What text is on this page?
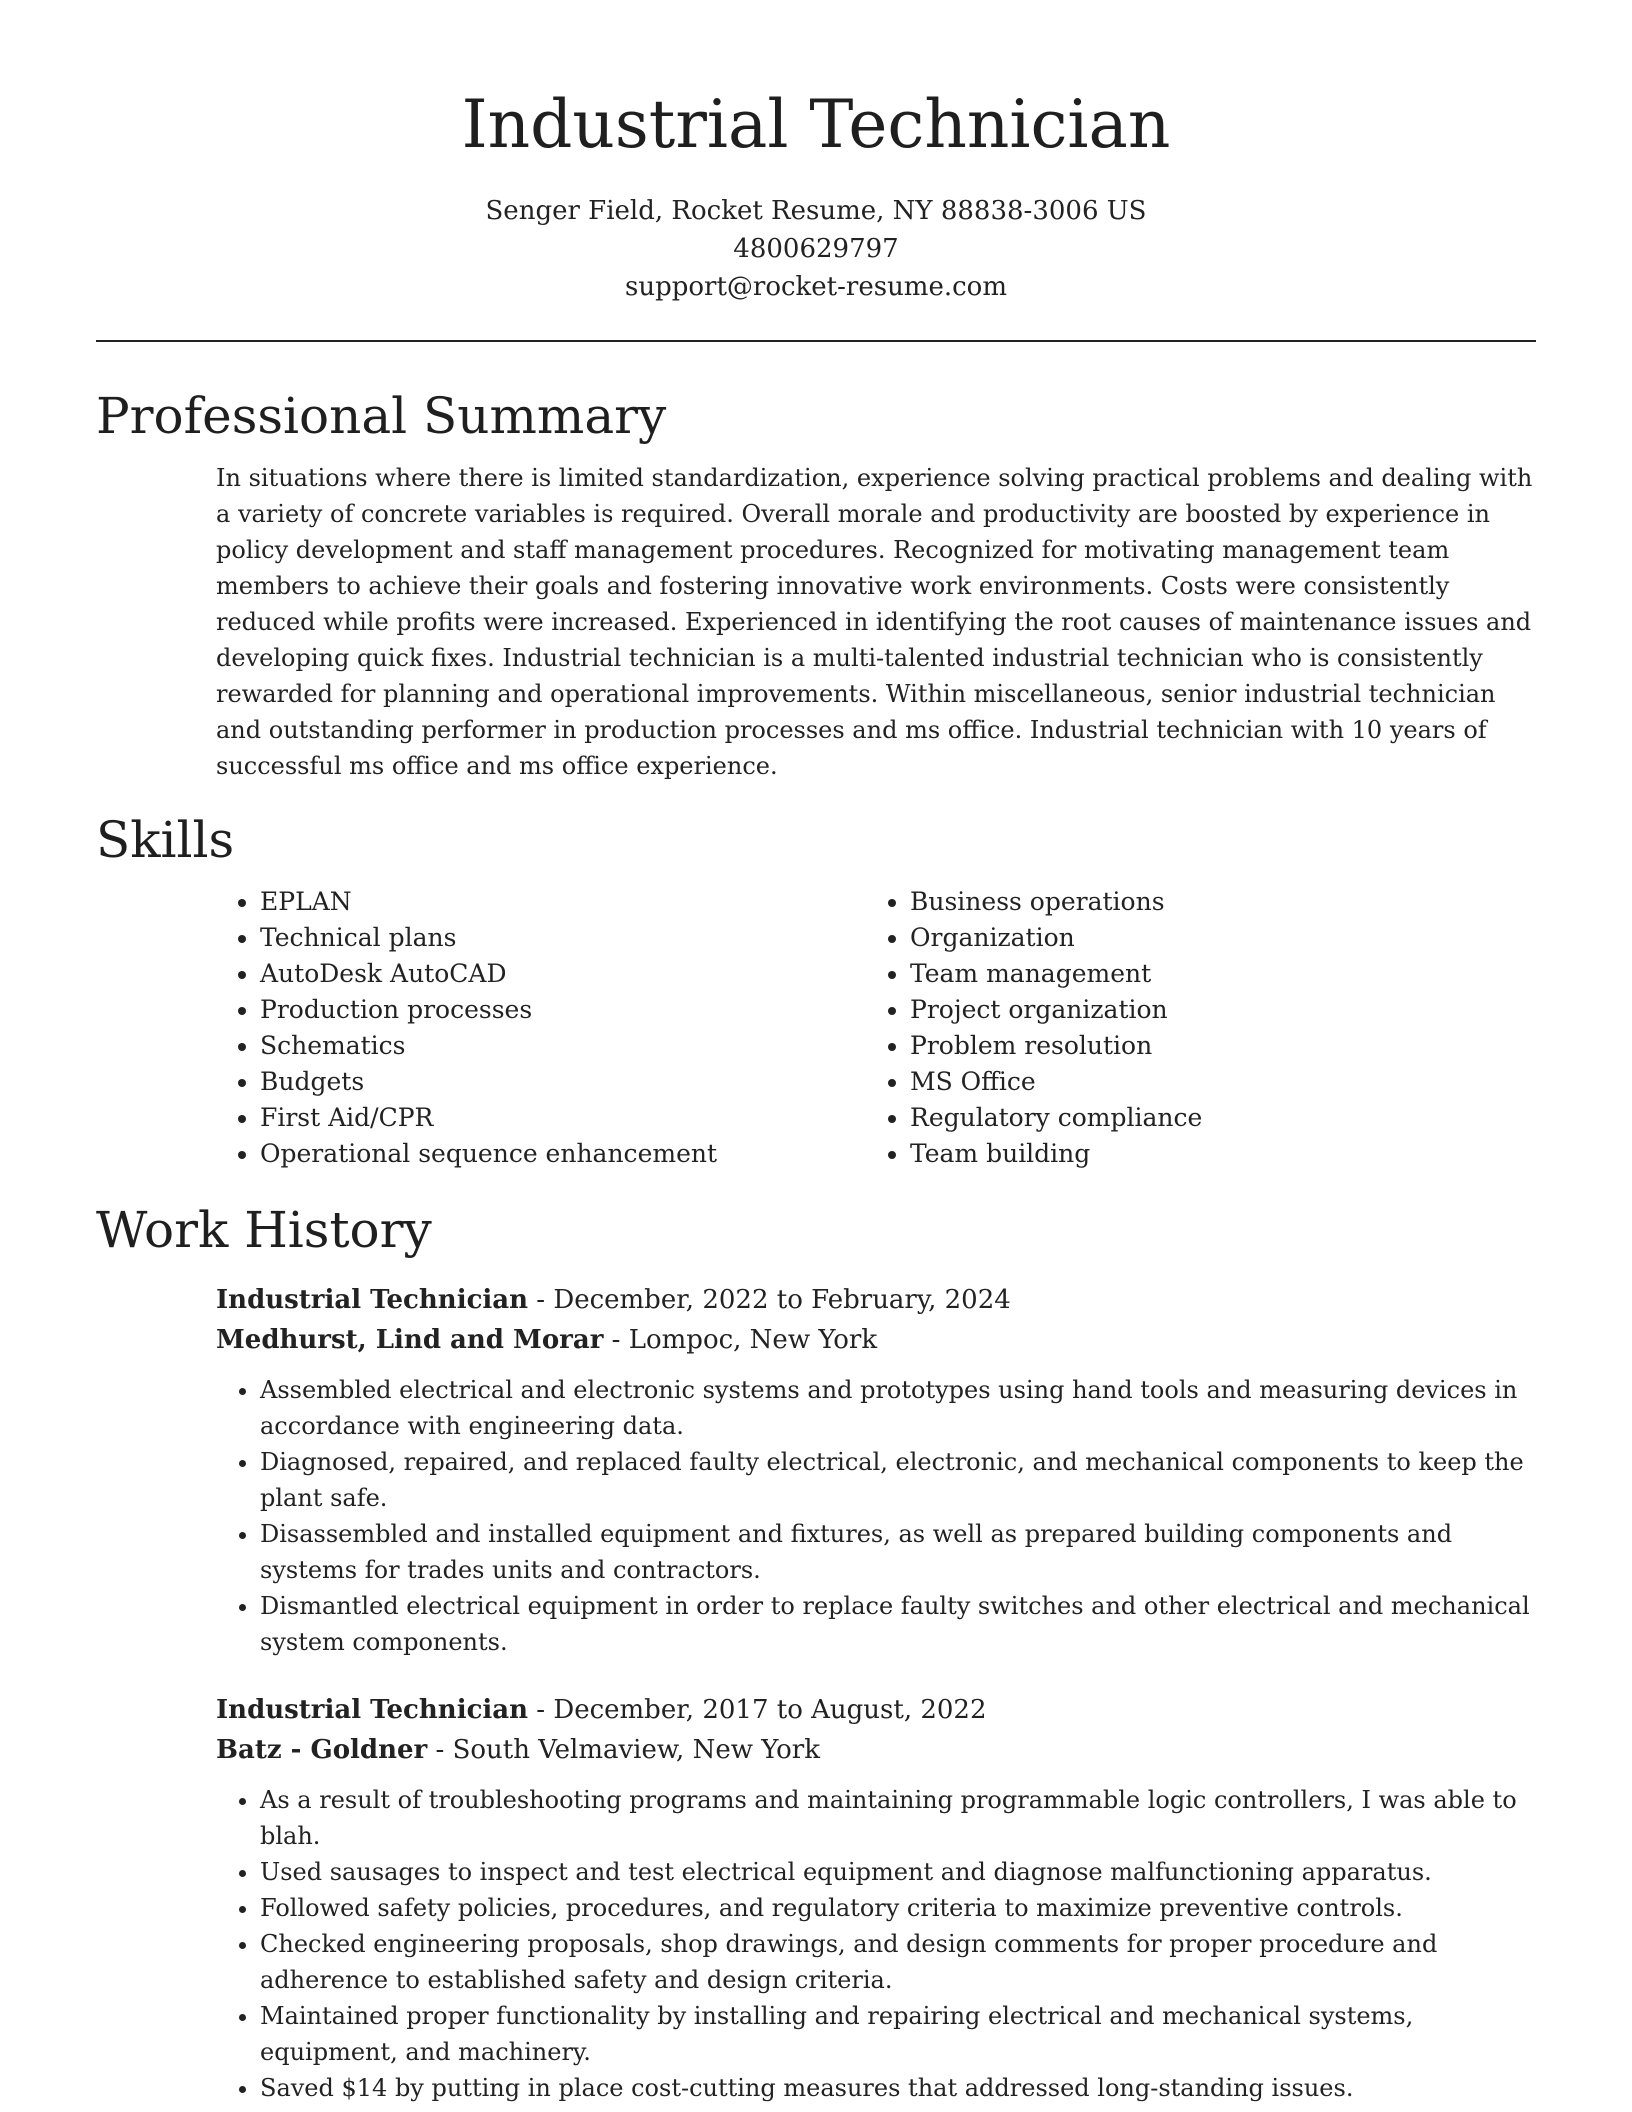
Industrial Technician
Senger Field, Rocket Resume, NY 88838-3006 US
4800629797
support@rocket-resume.com
Professional Summary
In situations where there is limited standardization, experience solving practical problems and dealing with a variety of concrete variables is required. Overall morale and productivity are boosted by experience in policy development and staff management procedures. Recognized for motivating management team members to achieve their goals and fostering innovative work environments. Costs were consistently reduced while profits were increased. Experienced in identifying the root causes of maintenance issues and developing quick fixes. Industrial technician is a multi-talented industrial technician who is consistently rewarded for planning and operational improvements. Within miscellaneous, senior industrial technician and outstanding performer in production processes and ms office. Industrial technician with 10 years of successful ms office and ms office experience.
Skills
• EPLAN
• Technical plans
• AutoDesk AutoCAD
• Production processes
• Schematics
• Budgets
• First Aid/CPR
• Operational sequence enhancement
• Business operations
• Organization
• Team management
• Project organization
• Problem resolution
• MS Office
• Regulatory compliance
• Team building
Work History
Industrial Technician - December, 2022 to February, 2024
Medhurst, Lind and Morar - Lompoc, New York
• Assembled electrical and electronic systems and prototypes using hand tools and measuring devices in accordance with engineering data.
• Diagnosed, repaired, and replaced faulty electrical, electronic, and mechanical components to keep the plant safe.
• Disassembled and installed equipment and fixtures, as well as prepared building components and systems for trades units and contractors.
• Dismantled electrical equipment in order to replace faulty switches and other electrical and mechanical system components.
Industrial Technician - December, 2017 to August, 2022
Batz - Goldner - South Velmaview, New York
• As a result of troubleshooting programs and maintaining programmable logic controllers, I was able to blah.
• Used sausages to inspect and test electrical equipment and diagnose malfunctioning apparatus.
• Followed safety policies, procedures, and regulatory criteria to maximize preventive controls.
• Checked engineering proposals, shop drawings, and design comments for proper procedure and adherence to established safety and design criteria.
• Maintained proper functionality by installing and repairing electrical and mechanical systems, equipment, and machinery.
• Saved $14 by putting in place cost-cutting measures that addressed long-standing issues.
